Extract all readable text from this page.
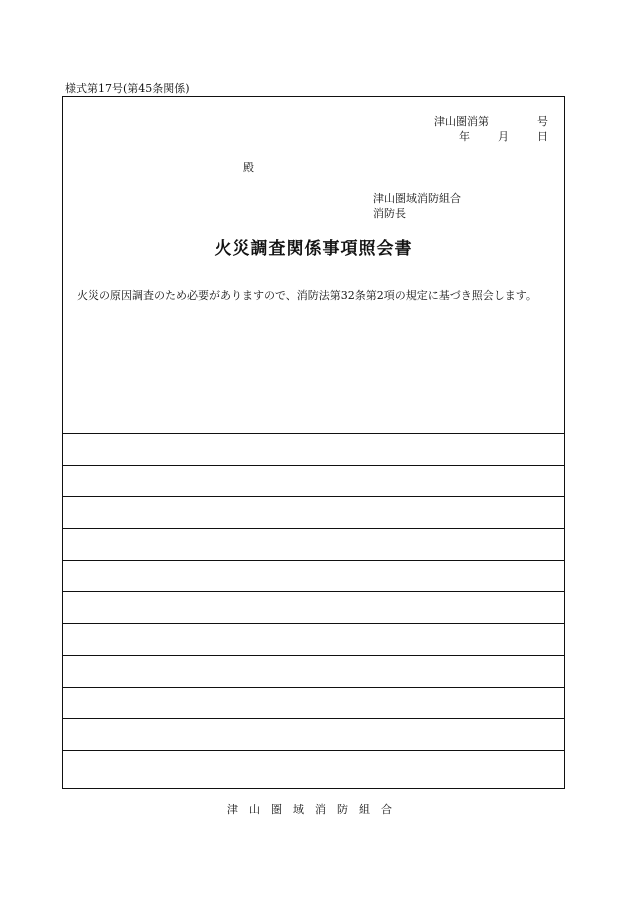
様式第17号(第45条関係)
津山圏消第	号
年	月	日
殿
津山圏域消防組合
消防長
火災調査関係事項照会書
火災の原因調査のため必要がありますので、消防法第32条第2項の規定に基づき照会します。
津山圏域消防組合
